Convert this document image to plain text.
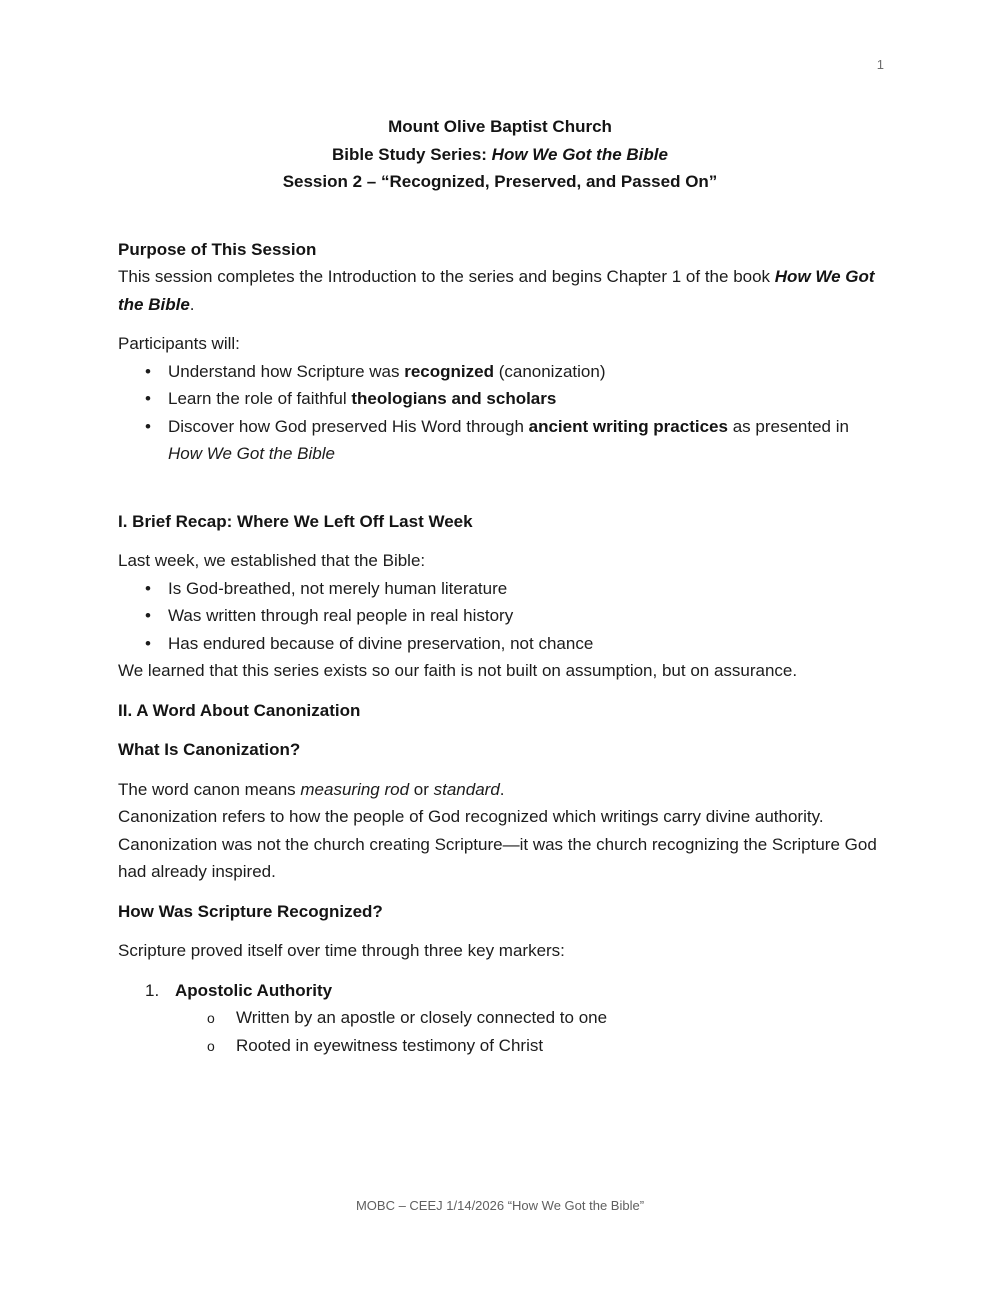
1
Mount Olive Baptist Church
Bible Study Series: How We Got the Bible
Session 2 – “Recognized, Preserved, and Passed On”
Purpose of This Session

This session completes the Introduction to the series and begins Chapter 1 of the book How We Got the Bible.

Participants will:

• Understand how Scripture was recognized (canonization)
• Learn the role of faithful theologians and scholars
• Discover how God preserved His Word through ancient writing practices as presented in How We Got the Bible
I. Brief Recap: Where We Left Off Last Week

Last week, we established that the Bible:

• Is God-breathed, not merely human literature
• Was written through real people in real history
• Has endured because of divine preservation, not chance

We learned that this series exists so our faith is not built on assumption, but on assurance.

II. A Word About Canonization
What Is Canonization?

The word canon means measuring rod or standard.

Canonization refers to how the people of God recognized which writings carry divine authority.

Canonization was not the church creating Scripture—it was the church recognizing the Scripture God had already inspired.

How Was Scripture Recognized?

Scripture proved itself over time through three key markers:

1. Apostolic Authority
o Written by an apostle or closely connected to one
o Rooted in eyewitness testimony of Christ
MOBC – CEEJ 1/14/2026 “How We Got the Bible”
